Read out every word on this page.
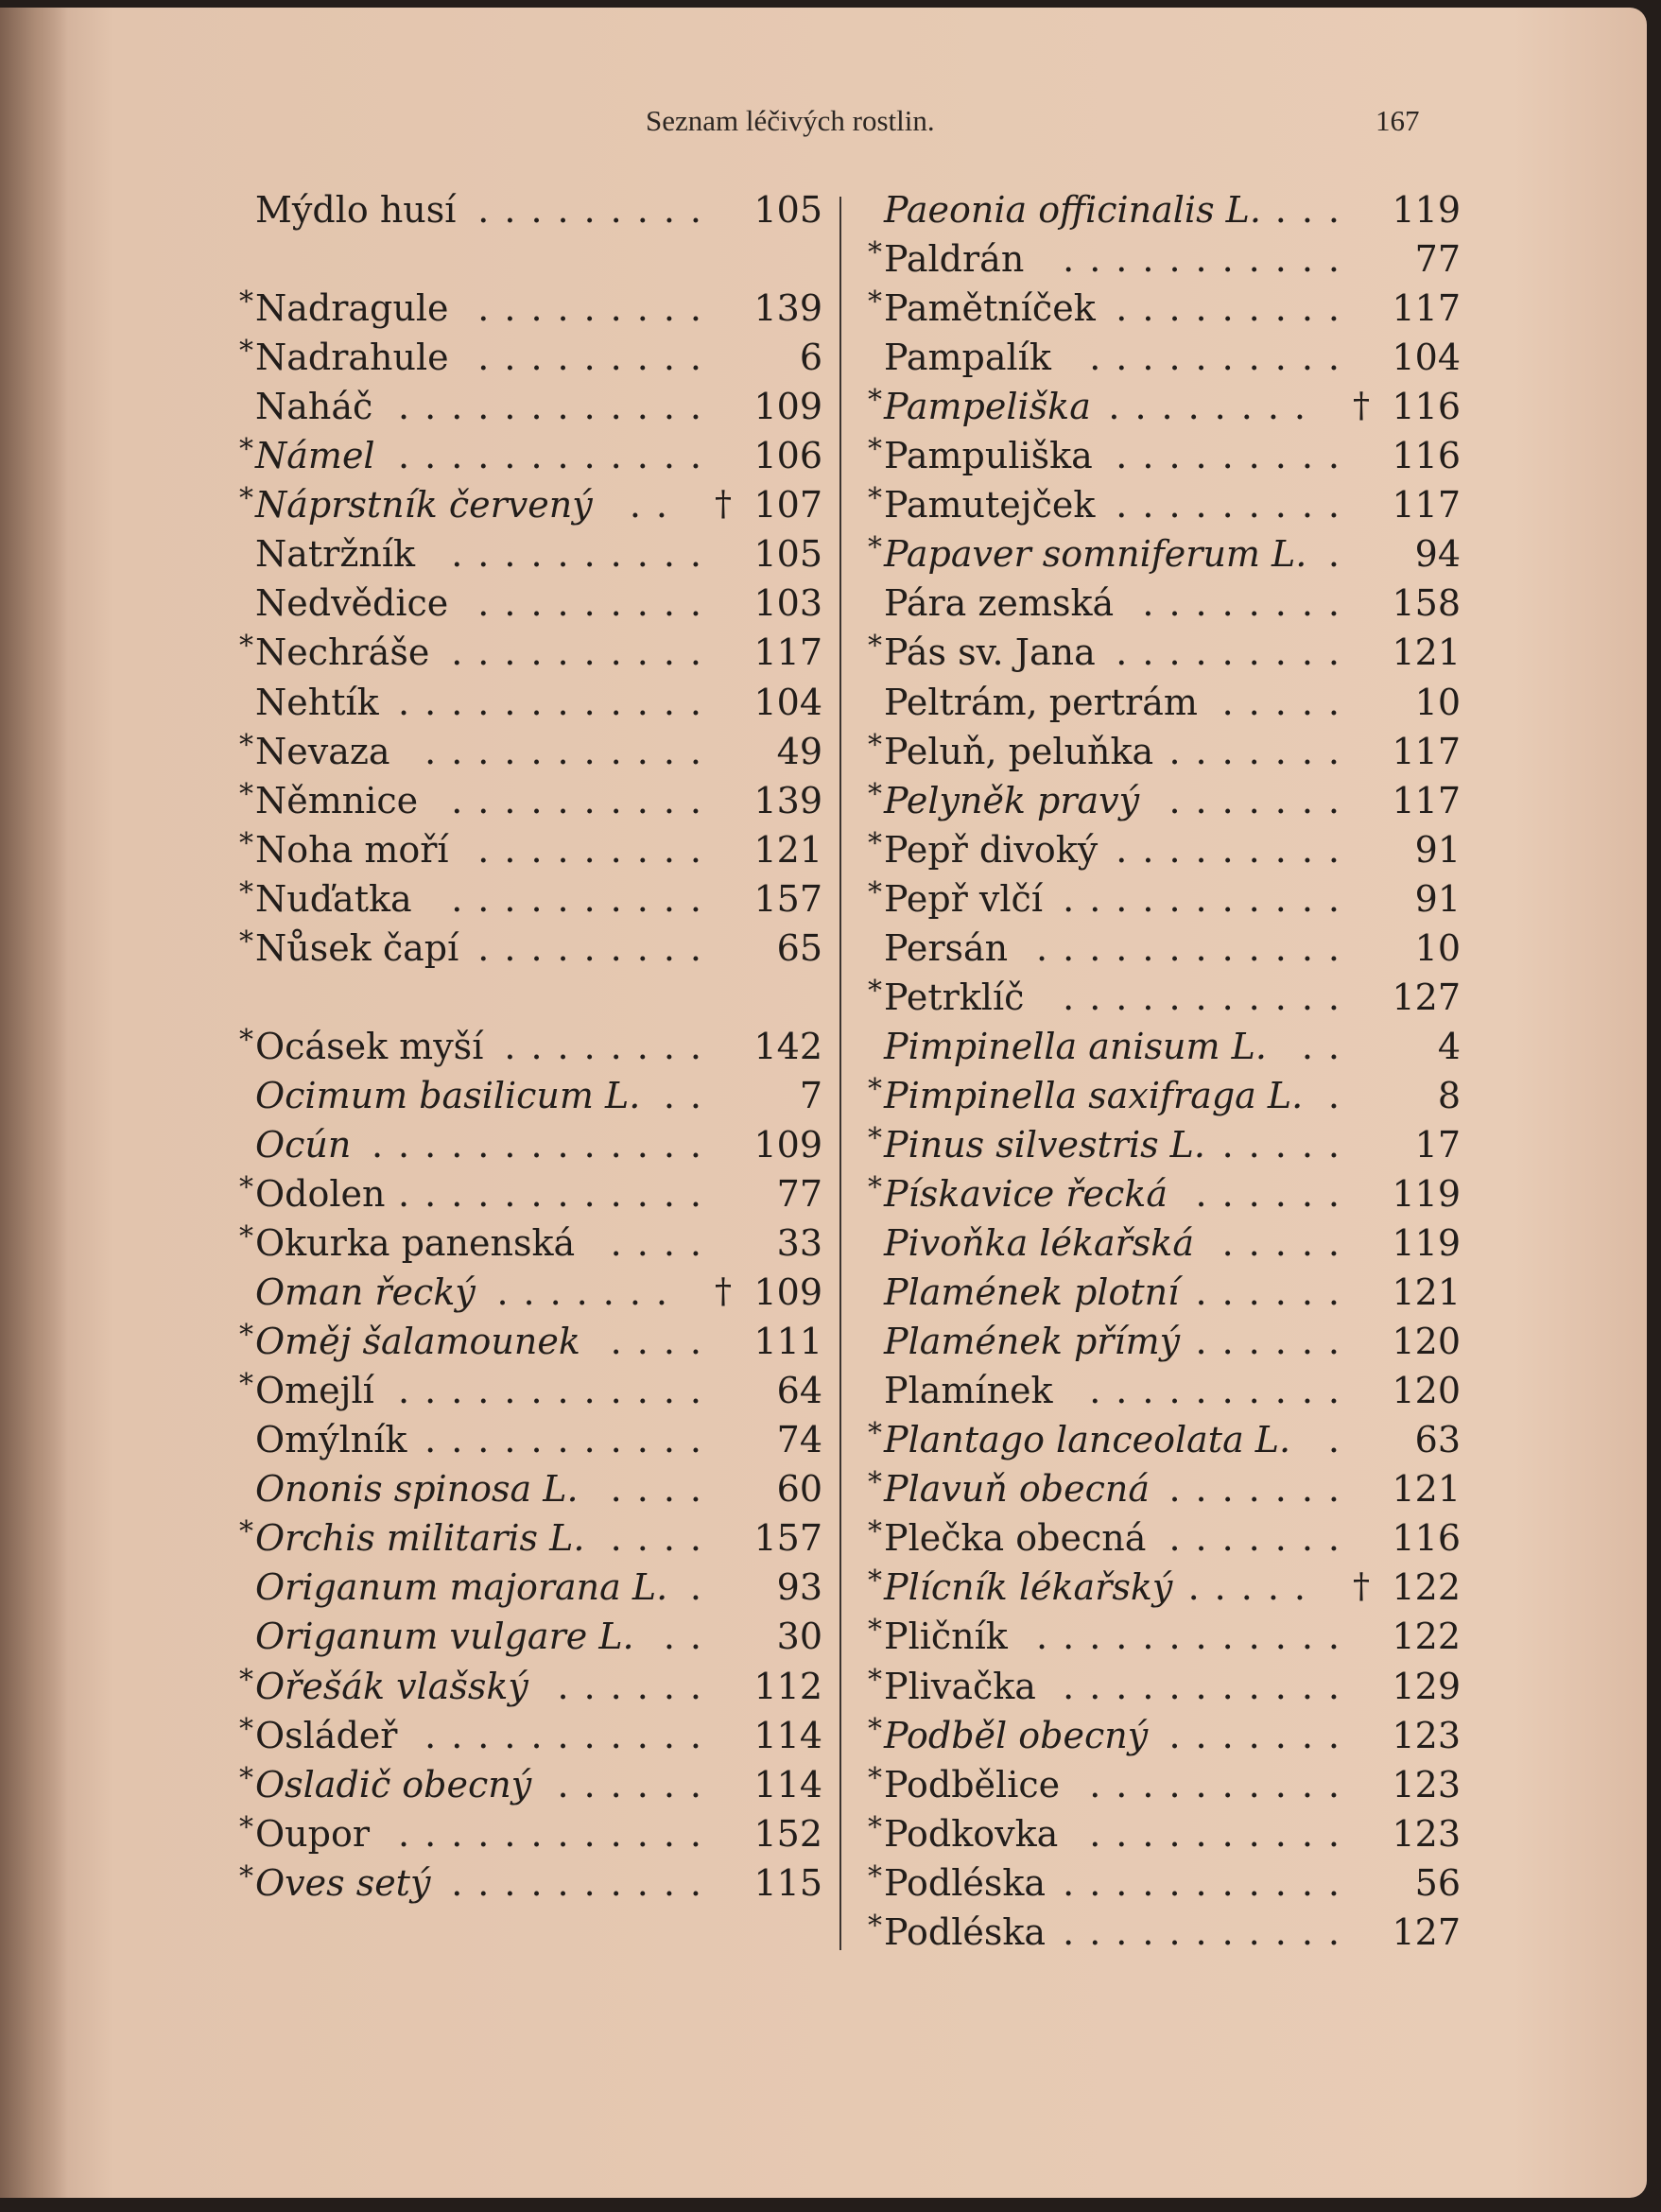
Seznam léčivých rostlin.	167
.........
Mýdlo husí	105
*	.........
Nadragule	139
*	.........
Nadrahule	6
............
Naháč	109
*	............
Námel	106
*	..
Náprstník červený	† 107
..........
Natržník	105
.........
Nedvědice	103
*	..........
Nechráše	117
............
Nehtík	104
*	...........
Nevaza	49
*	..........
Němnice	139
*	.........
Noha moří	121
*	..........
Nuďatka	157
*	.........
Nůsek čapí	65
*	........
Ocásek myší	142
..
Ocimum basilicum L.	7
.............
Ocún	109
*	............
Odolen	77
*	....
Okurka panenská	33
.......
Oman řecký	† 109
*	....
Oměj šalamounek	111
*	............
Omejlí	64
...........
Omýlník	74
....
Ononis spinosa L.	60
*	....
Orchis militaris L.	157
.
Origanum majorana L.	93
..
Origanum vulgare L.	30
*	......
Ořešák vlašský	112
*	...........
Osládeř	114
*	......
Osladič obecný	114
*	............
Oupor	152
*	..........
Oves setý	115
...
Paeonia officinalis L.	119
*	...........
Paldrán	77
*	.........
Pamětníček	117
..........
Pampalík	104
*	........
Pampeliška	† 116
*	.........
Pampuliška	116
*	.........
Pamutejček	117
*	.
Papaver somniferum L.	94
........
Pára zemská	158
*	.........
Pás sv. Jana	121
.....
Peltrám, pertrám	10
*	.......
Peluň, peluňka	117
*	.......
Pelyněk pravý	117
*	.........
Pepř divoký	91
*	...........
Pepř vlčí	91
............
Persán	10
*	...........
Petrklíč	127
..
Pimpinella anisum L.	4
*	.
Pimpinella saxifraga L.	8
*	.....
Pinus silvestris L.	17
*	......
Pískavice řecká	119
.....
Pivoňka lékařská	119
......
Plamének plotní	121
......
Plamének přímý	120
..........
Plamínek	120
*	.
Plantago lanceolata L.	63
*	.......
Plavuň obecná	121
*	.......
Plečka obecná	116
*	.....
Plícník lékařský	† 122
*	............
Pličník	122
*	...........
Plivačka	129
*	.......
Podběl obecný	123
*	..........
Podbělice	123
*	..........
Podkovka	123
*	...........
Podléska	56
*	...........
Podléska	127
